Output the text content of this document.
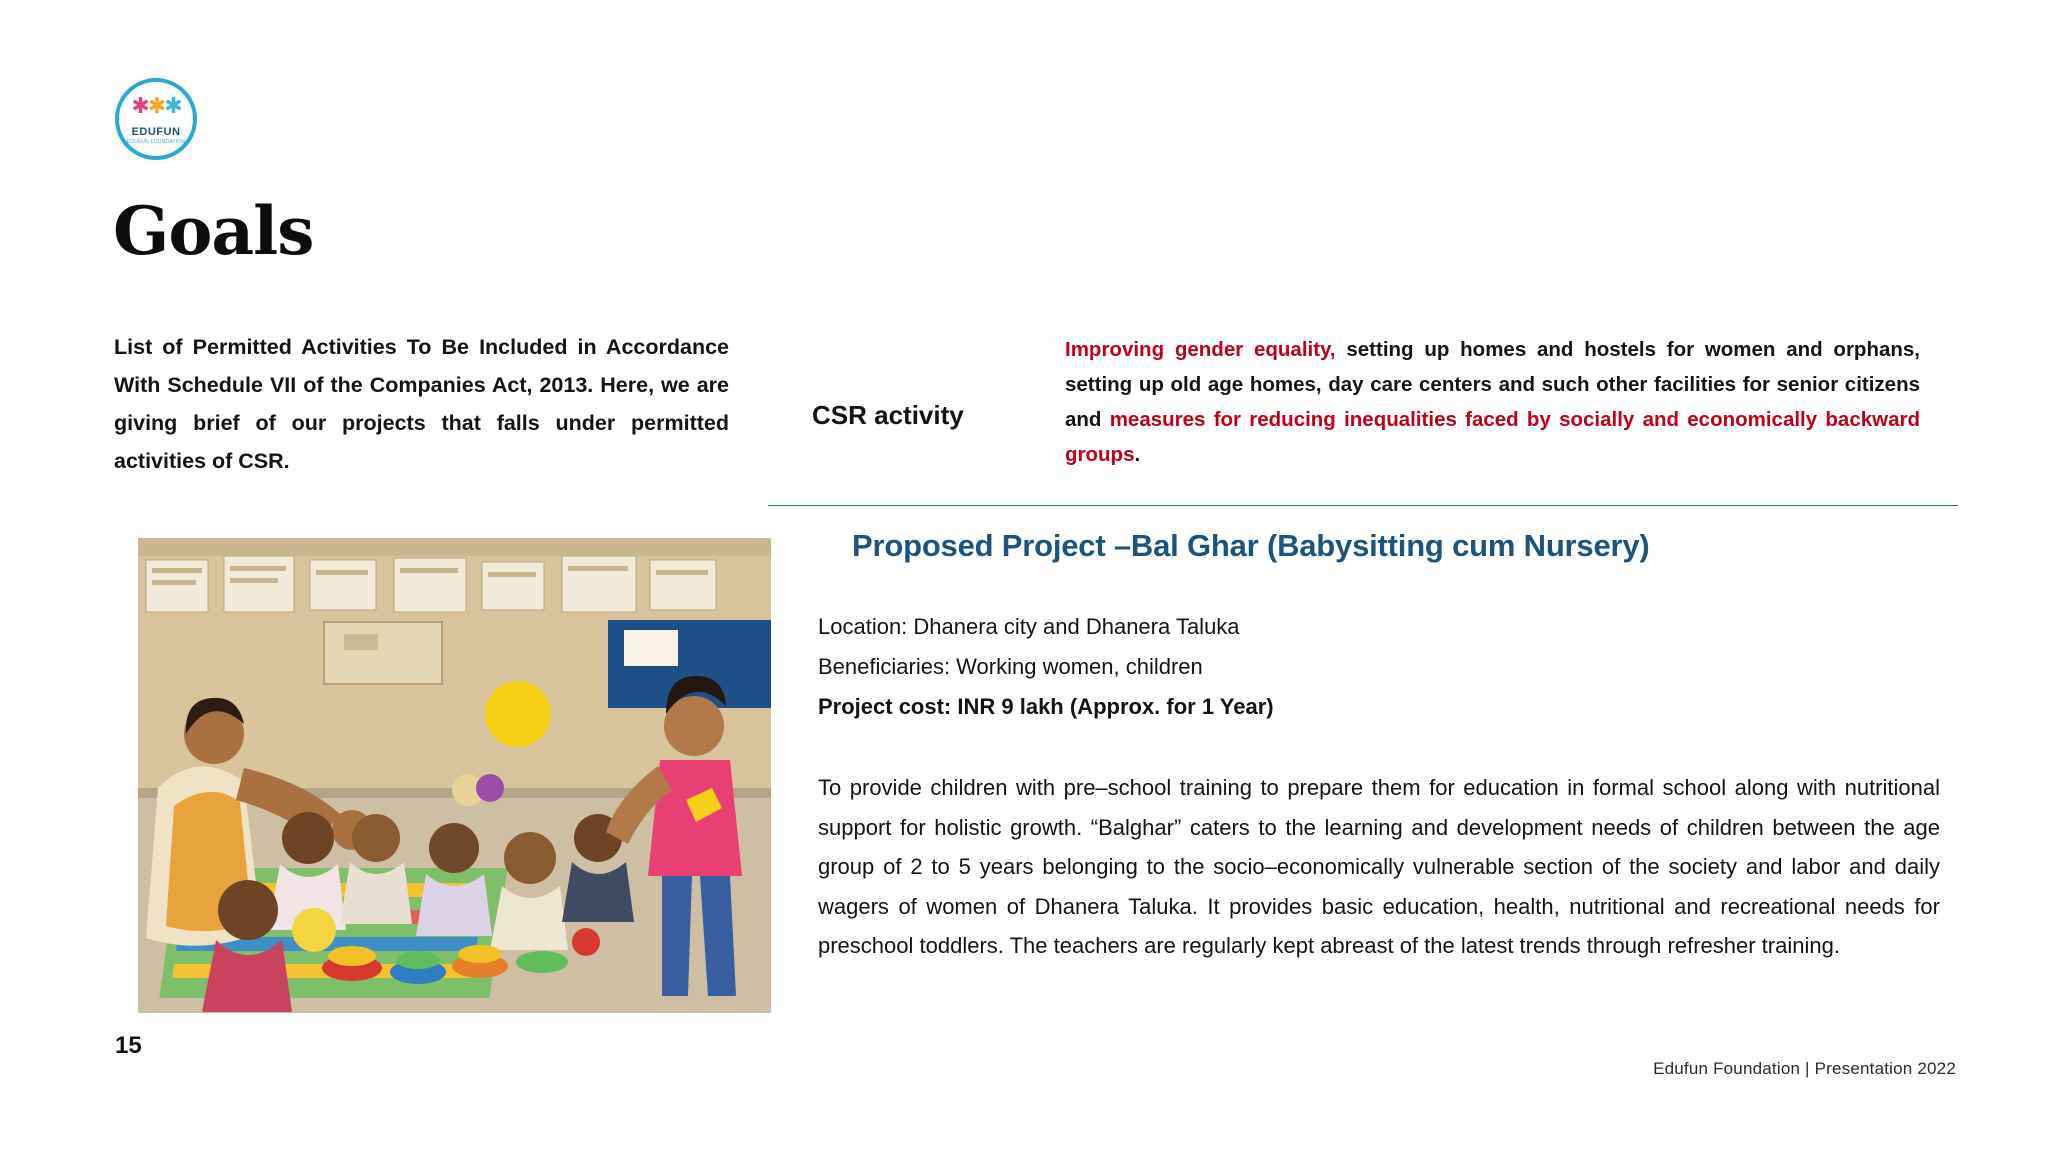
✱✱✱
EDUFUN
EDUFUN FOUNDATION
Goals
List of Permitted Activities To Be Included in Accordance With Schedule VII of the Companies Act, 2013. Here, we are giving brief of our projects that falls under permitted activities of CSR.
CSR activity
Improving gender equality, setting up homes and hostels for women and orphans, setting up old age homes, day care centers and such other facilities for senior citizens and measures for reducing inequalities faced by socially and economically backward groups.
Proposed Project –Bal Ghar (Babysitting cum Nursery)
Location: Dhanera city and Dhanera Taluka
Beneficiaries: Working women, children
Project cost: INR 9 lakh (Approx. for 1 Year)
To provide children with pre–school training to prepare them for education in formal school along with nutritional support for holistic growth. “Balghar” caters to the learning and development needs of children between the age group of 2 to 5 years belonging to the socio–economically vulnerable section of the society and labor and daily wagers of women of Dhanera Taluka. It provides basic education, health, nutritional and recreational needs for preschool toddlers. The teachers are regularly kept abreast of the latest trends through refresher training.
15
Edufun Foundation | Presentation 2022
